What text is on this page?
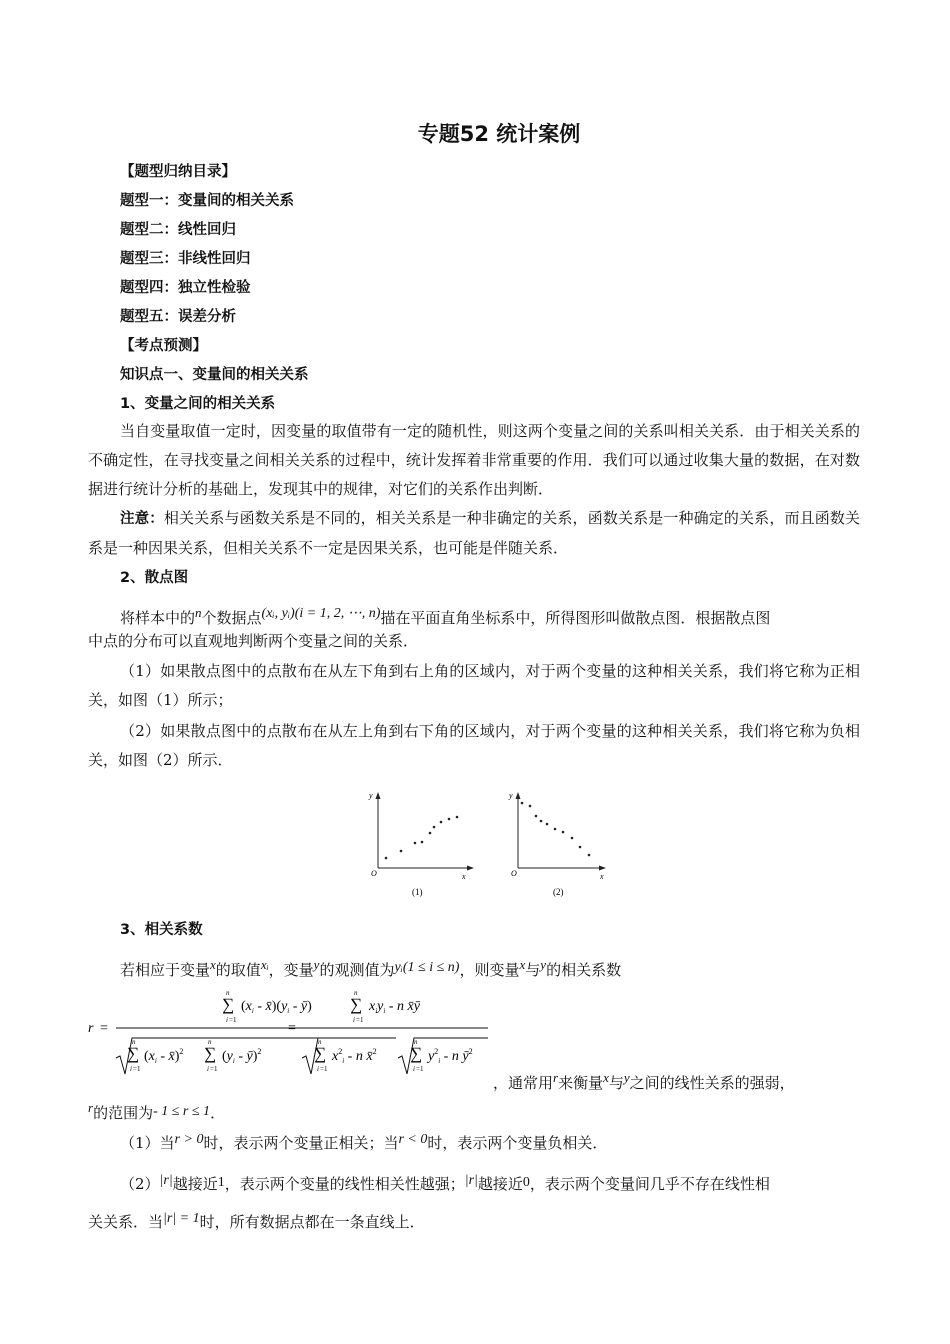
专题52 统计案例
【题型归纳目录】
题型一：变量间的相关关系
题型二：线性回归
题型三：非线性回归
题型四：独立性检验
题型五：误差分析
【考点预测】
知识点一、变量间的相关关系
1、变量之间的相关关系
当自变量取值一定时，因变量的取值带有一定的随机性，则这两个变量之间的关系叫相关关系．由于相关关系的不确定性，在寻找变量之间相关关系的过程中，统计发挥着非常重要的作用．我们可以通过收集大量的数据，在对数据进行统计分析的基础上，发现其中的规律，对它们的关系作出判断．
注意：相关关系与函数关系是不同的，相关关系是一种非确定的关系，函数关系是一种确定的关系，而且函数关系是一种因果关系，但相关关系不一定是因果关系，也可能是伴随关系．
2、散点图
将样本中的n个数据点(xᵢ, yᵢ)(i = 1, 2, ⋯, n)描在平面直角坐标系中，所得图形叫做散点图．根据散点图
中点的分布可以直观地判断两个变量之间的关系．
（1）如果散点图中的点散布在从左下角到右上角的区域内，对于两个变量的这种相关关系，我们将它称为正相关，如图（1）所示；
（2）如果散点图中的点散布在从左上角到右下角的区域内，对于两个变量的这种相关关系，我们将它称为负相关，如图（2）所示．
y
x
O
(1)
y
x
O
(2)
3、相关系数
若相应于变量x的取值xᵢ，变量y的观测值为yᵢ(1 ≤ i ≤ n)，则变量x与y的相关系数
r =
n
∑
i =1
($x_i$ - $x̄)(y_i$ - ȳ)
n
∑
i =1
($x_i$ - x̄)$^2$
n
∑
i =1
($y_i$ - ȳ)$^2$
=
n
∑
i =1
$x_iy_i$ - n x̄ȳ
n
∑
i =1
$x^2_i$ - n x̄$^2$
n
∑
i =1
$y^2_i$ - n $ȳ^2$
，通常用r来衡量x与y之间的线性关系的强弱，
r的范围为- 1 ≤ r ≤ 1．
（1）当r > 0时，表示两个变量正相关；当r < 0时，表示两个变量负相关．
（2）|r|越接近1，表示两个变量的线性相关性越强；|r|越接近0，表示两个变量间几乎不存在线性相
关关系．当|r| = 1时，所有数据点都在一条直线上．
